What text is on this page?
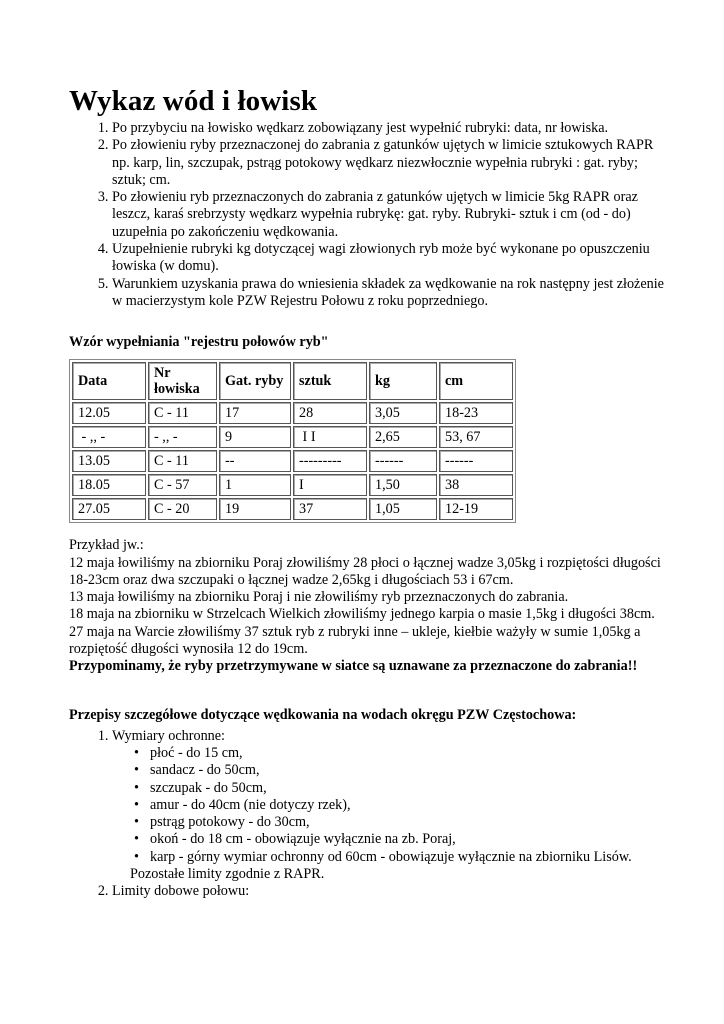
Wykaz wód i łowisk
1. Po przybyciu na łowisko wędkarz zobowiązany jest wypełnić rubryki: data, nr łowiska.
2. Po złowieniu ryby przeznaczonej do zabrania z gatunków ujętych w limicie sztukowych RAPR np. karp, lin, szczupak, pstrąg potokowy wędkarz niezwłocznie wypełnia rubryki : gat. ryby; sztuk; cm.
3. Po złowieniu ryb przeznaczonych do zabrania z gatunków ujętych w limicie 5kg RAPR oraz leszcz, karaś srebrzysty wędkarz wypełnia rubrykę: gat. ryby. Rubryki- sztuk i cm (od - do) uzupełnia po zakończeniu wędkowania.
4. Uzupełnienie rubryki kg dotyczącej wagi złowionych ryb może być wykonane po opuszczeniu łowiska (w domu).
5. Warunkiem uzyskania prawa do wniesienia składek za wędkowanie na rok następny jest złożenie w macierzystym kole PZW Rejestru Połowu z roku poprzedniego.
Wzór wypełniania "rejestru połowów ryb"
Data	Nr łowiska	Gat. ryby	sztuk	kg	cm
12.05	C - 11	17	28	3,05	18-23
- ,, -	- ,, -	9	I I	2,65	53, 67
13.05	C - 11	--	---------	------	------
18.05	C - 57	1	I	1,50	38
27.05	C - 20	19	37	1,05	12-19

Przykład jw.:

12 maja łowiliśmy na zbiorniku Poraj złowiliśmy 28 płoci o łącznej wadze 3,05kg i rozpiętości długości 18-23cm oraz dwa szczupaki o łącznej wadze 2,65kg i długościach 53 i 67cm.

13 maja łowiliśmy na zbiorniku Poraj i nie złowiliśmy ryb przeznaczonych do zabrania.

18 maja na zbiorniku w Strzelcach Wielkich złowiliśmy jednego karpia o masie 1,5kg i długości 38cm.

27 maja na Warcie złowiliśmy 37 sztuk ryb z rubryki inne – ukleje, kiełbie ważyły w sumie 1,05kg a rozpiętość długości wynosiła 12 do 19cm.

Przypominamy, że ryby przetrzymywane w siatce są uznawane za przeznaczone do zabrania!!

Przepisy szczegółowe dotyczące wędkowania na wodach okręgu PZW Częstochowa:
1. Wymiary ochronne:
• płoć - do 15 cm,
• sandacz - do 50cm,
• szczupak - do 50cm,
• amur - do 40cm (nie dotyczy rzek),
• pstrąg potokowy - do 30cm,
• okoń - do 18 cm - obowiązuje wyłącznie na zb. Poraj,
• karp - górny wymiar ochronny od 60cm - obowiązuje wyłącznie na zbiorniku Lisów.
Pozostałe limity zgodnie z RAPR.
2. Limity dobowe połowu:
